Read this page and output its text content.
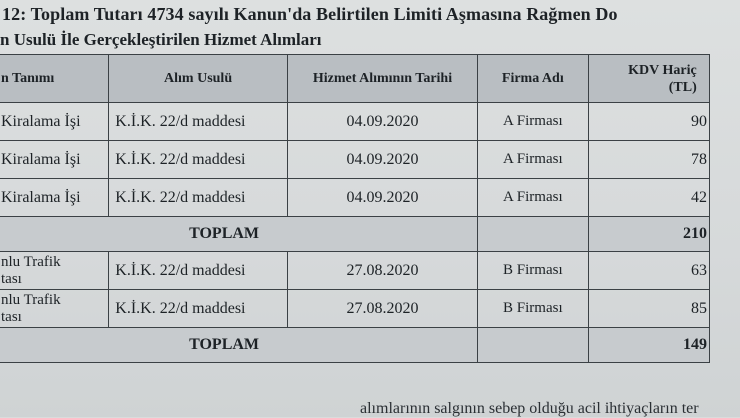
12: Toplam Tutarı 4734 sayılı Kanun'da Belirtilen Limiti Aşmasına Rağmen Do
n Usulü İle Gerçekleştirilen Hizmet Alımları
n Tanımı	Alım Usulü	Hizmet Alımının Tarihi	Firma Adı	KDV Hariç (TL)
Kiralama İşi	K.İ.K. 22/d maddesi	04.09.2020	A Firması	90
Kiralama İşi	K.İ.K. 22/d maddesi	04.09.2020	A Firması	78
Kiralama İşi	K.İ.K. 22/d maddesi	04.09.2020	A Firması	42
TOPLAM				210

nlu Trafik
tası	K.İ.K. 22/d maddesi	27.08.2020	B Firması	63

nlu Trafik
tası	K.İ.K. 22/d maddesi	27.08.2020	B Firması	85
TOPLAM				149
alımlarının salgının sebep olduğu acil ihtiyaçların ter
